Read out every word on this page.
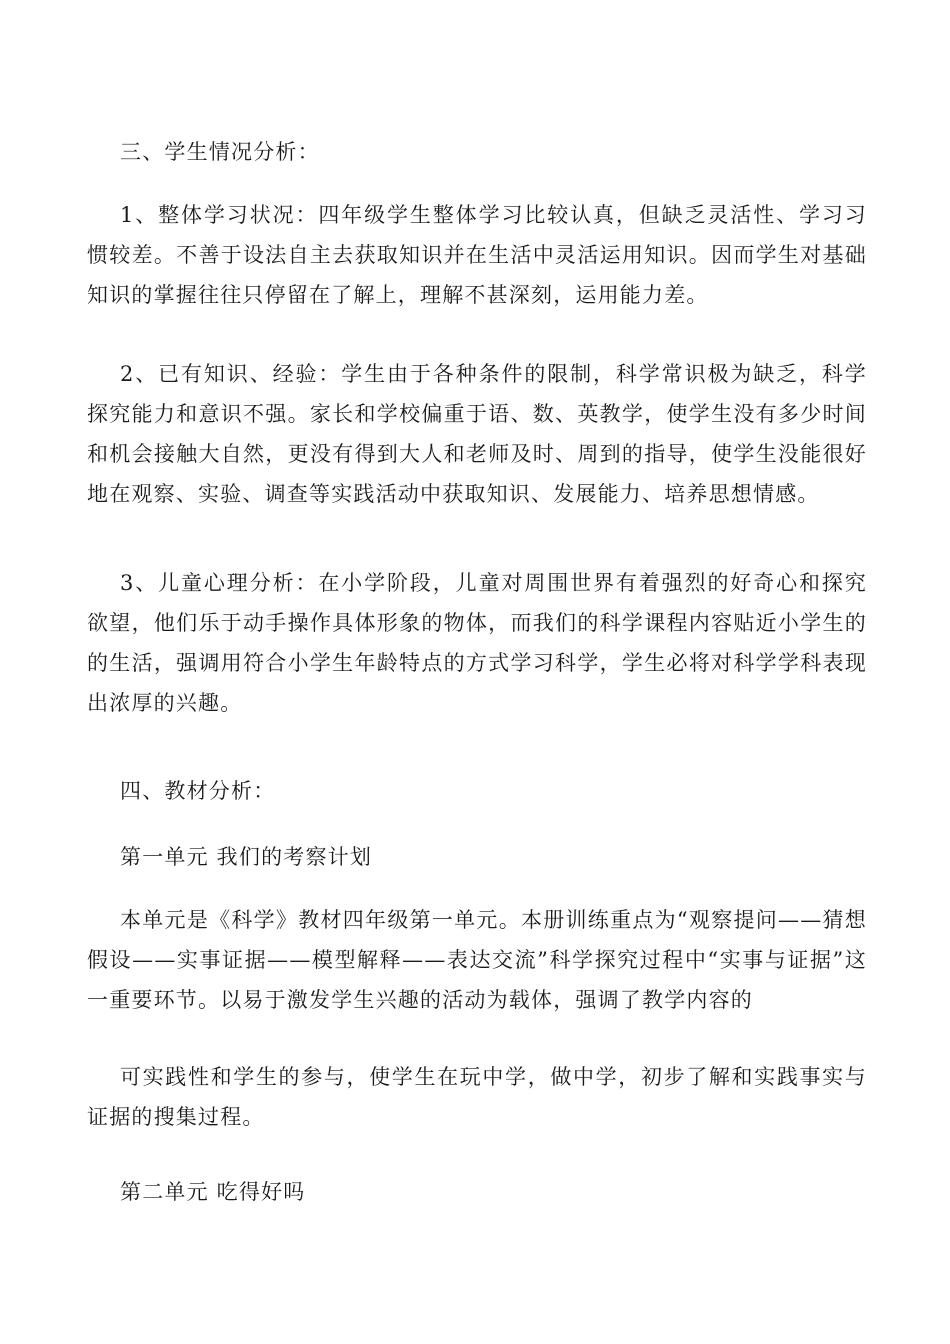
三、学生情况分析：

1、整体学习状况：四年级学生整体学习比较认真，但缺乏灵活性、学习习惯较差。不善于设法自主去获取知识并在生活中灵活运用知识。因而学生对基础知识的掌握往往只停留在了解上，理解不甚深刻，运用能力差。

2、已有知识、经验：学生由于各种条件的限制，科学常识极为缺乏，科学探究能力和意识不强。家长和学校偏重于语、数、英教学，使学生没有多少时间和机会接触大自然，更没有得到大人和老师及时、周到的指导，使学生没能很好地在观察、实验、调查等实践活动中获取知识、发展能力、培养思想情感。

3、儿童心理分析：在小学阶段，儿童对周围世界有着强烈的好奇心和探究欲望，他们乐于动手操作具体形象的物体，而我们的科学课程内容贴近小学生的的生活，强调用符合小学生年龄特点的方式学习科学，学生必将对科学学科表现出浓厚的兴趣。

四、教材分析：

第一单元 我们的考察计划

本单元是《科学》教材四年级第一单元。本册训练重点为“观察提问——猜想假设——实事证据——模型解释——表达交流”科学探究过程中“实事与证据”这一重要环节。以易于激发学生兴趣的活动为载体，强调了教学内容的

可实践性和学生的参与，使学生在玩中学，做中学，初步了解和实践事实与证据的搜集过程。

第二单元 吃得好吗
